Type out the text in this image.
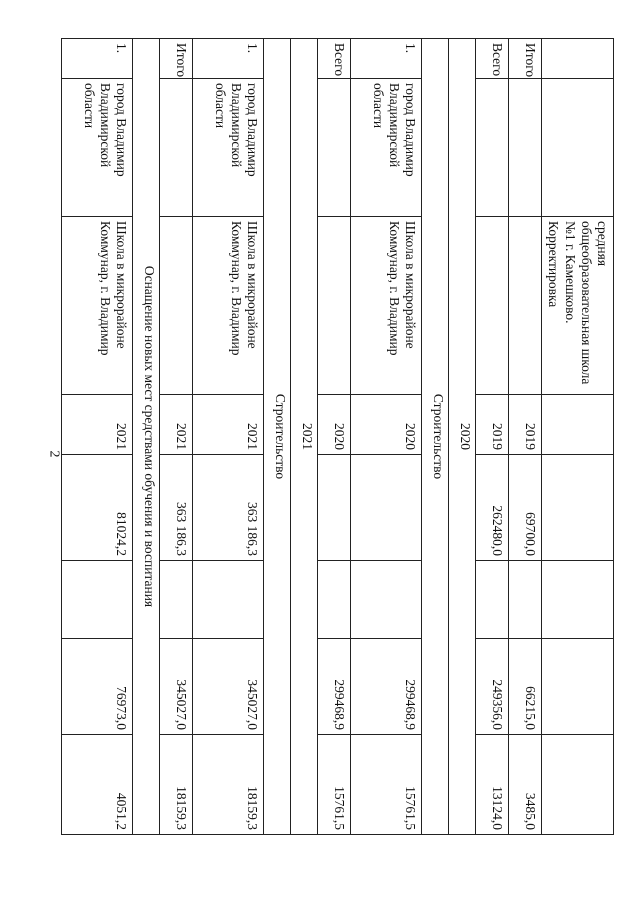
2
		средняя общеобразовательная школа №1 г. Камешково. Корректировка					
Итого			2019	69700,0		66215,0	3485,0
Всего			2019	262480,0		249356,0	13124,0
2020							
Строительство							
1.	город Владимир Владимирской области	Школа в микрорайоне Коммунар, г. Владимир	2020			299468,9	15761,5
Всего			2020			299468,9	15761,5
2021							
Строительство							
1.	город Владимир Владимирской области	Школа в микрорайоне Коммунар, г. Владимир	2021	363 186,3		345027,0	18159,3
Итого			2021	363 186,3		345027,0	18159,3
Оснащение новых мест средствами обучения и воспитания							
1.	город Владимир Владимирской области	Школа в микрорайоне Коммунар, г. Владимир	2021	81024,2		76973,0	4051,2
